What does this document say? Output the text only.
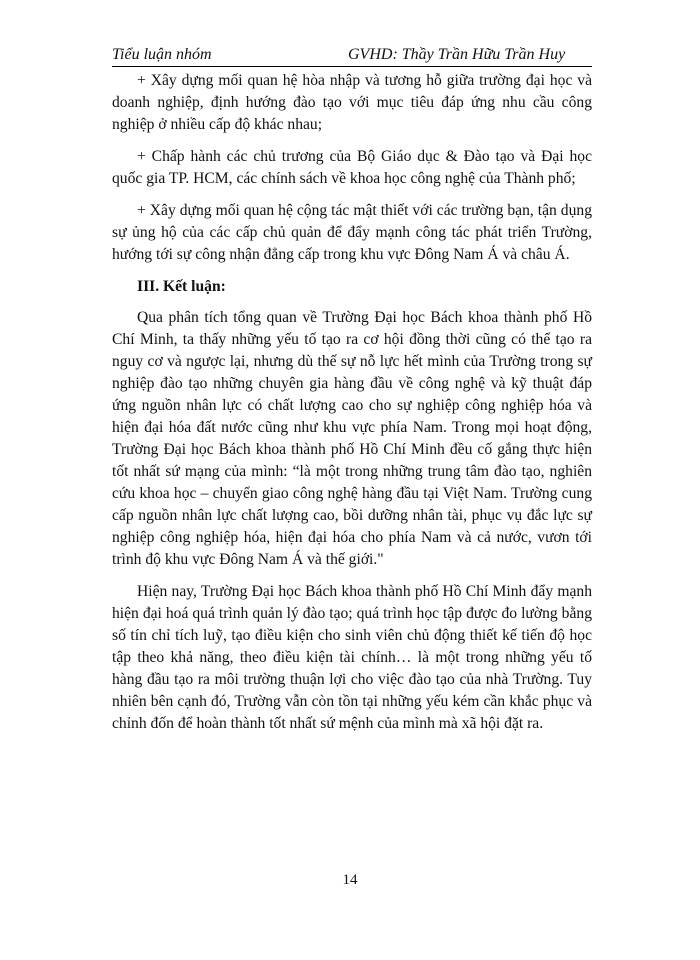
Tiểu luận nhóm	GVHD: Thầy Trần Hữu Trần Huy

+ Xây dựng mối quan hệ hòa nhập và tương hỗ giữa trường đại học và doanh nghiệp, định hướng đào tạo với mục tiêu đáp ứng nhu cầu công nghiệp ở nhiều cấp độ khác nhau;

+ Chấp hành các chủ trương của Bộ Giáo dục & Đào tạo và Đại học quốc gia TP. HCM, các chính sách về khoa học công nghệ của Thành phố;

+ Xây dựng mối quan hệ cộng tác mật thiết với các trường bạn, tận dụng sự ủng hộ của các cấp chủ quản để đẩy mạnh công tác phát triển Trường, hướng tới sự công nhận đẳng cấp trong khu vực Đông Nam Á và châu Á.

III. Kết luận:

Qua phân tích tổng quan về Trường Đại học Bách khoa thành phố Hồ Chí Minh, ta thấy những yếu tố tạo ra cơ hội đồng thời cũng có thể tạo ra nguy cơ và ngược lại, nhưng dù thế sự nỗ lực hết mình của Trường trong sự nghiệp đào tạo những chuyên gia hàng đầu về công nghệ và kỹ thuật đáp ứng nguồn nhân lực có chất lượng cao cho sự nghiệp công nghiệp hóa và hiện đại hóa đất nước cũng như khu vực phía Nam. Trong mọi hoạt động, Trường Đại học Bách khoa thành phố Hồ Chí Minh đều cố gắng thực hiện tốt nhất sứ mạng của mình: “là một trong những trung tâm đào tạo, nghiên cứu khoa học – chuyển giao công nghệ hàng đầu tại Việt Nam. Trường cung cấp nguồn nhân lực chất lượng cao, bồi dưỡng nhân tài, phục vụ đắc lực sự nghiệp công nghiệp hóa, hiện đại hóa cho phía Nam và cả nước, vươn tới trình độ khu vực Đông Nam Á và thế giới."

Hiện nay, Trường Đại học Bách khoa thành phố Hồ Chí Minh đẩy mạnh hiện đại hoá quá trình quản lý đào tạo; quá trình học tập được đo lường bằng số tín chỉ tích luỹ, tạo điều kiện cho sinh viên chủ động thiết kế tiến độ học tập theo khả năng, theo điều kiện tài chính… là một trong những yếu tố hàng đầu tạo ra môi trường thuận lợi cho việc đào tạo của nhà Trường. Tuy nhiên bên cạnh đó, Trường vẫn còn tồn tại những yếu kém cần khắc phục và chỉnh đốn để hoàn thành tốt nhất sứ mệnh của mình mà xã hội đặt ra.

14
